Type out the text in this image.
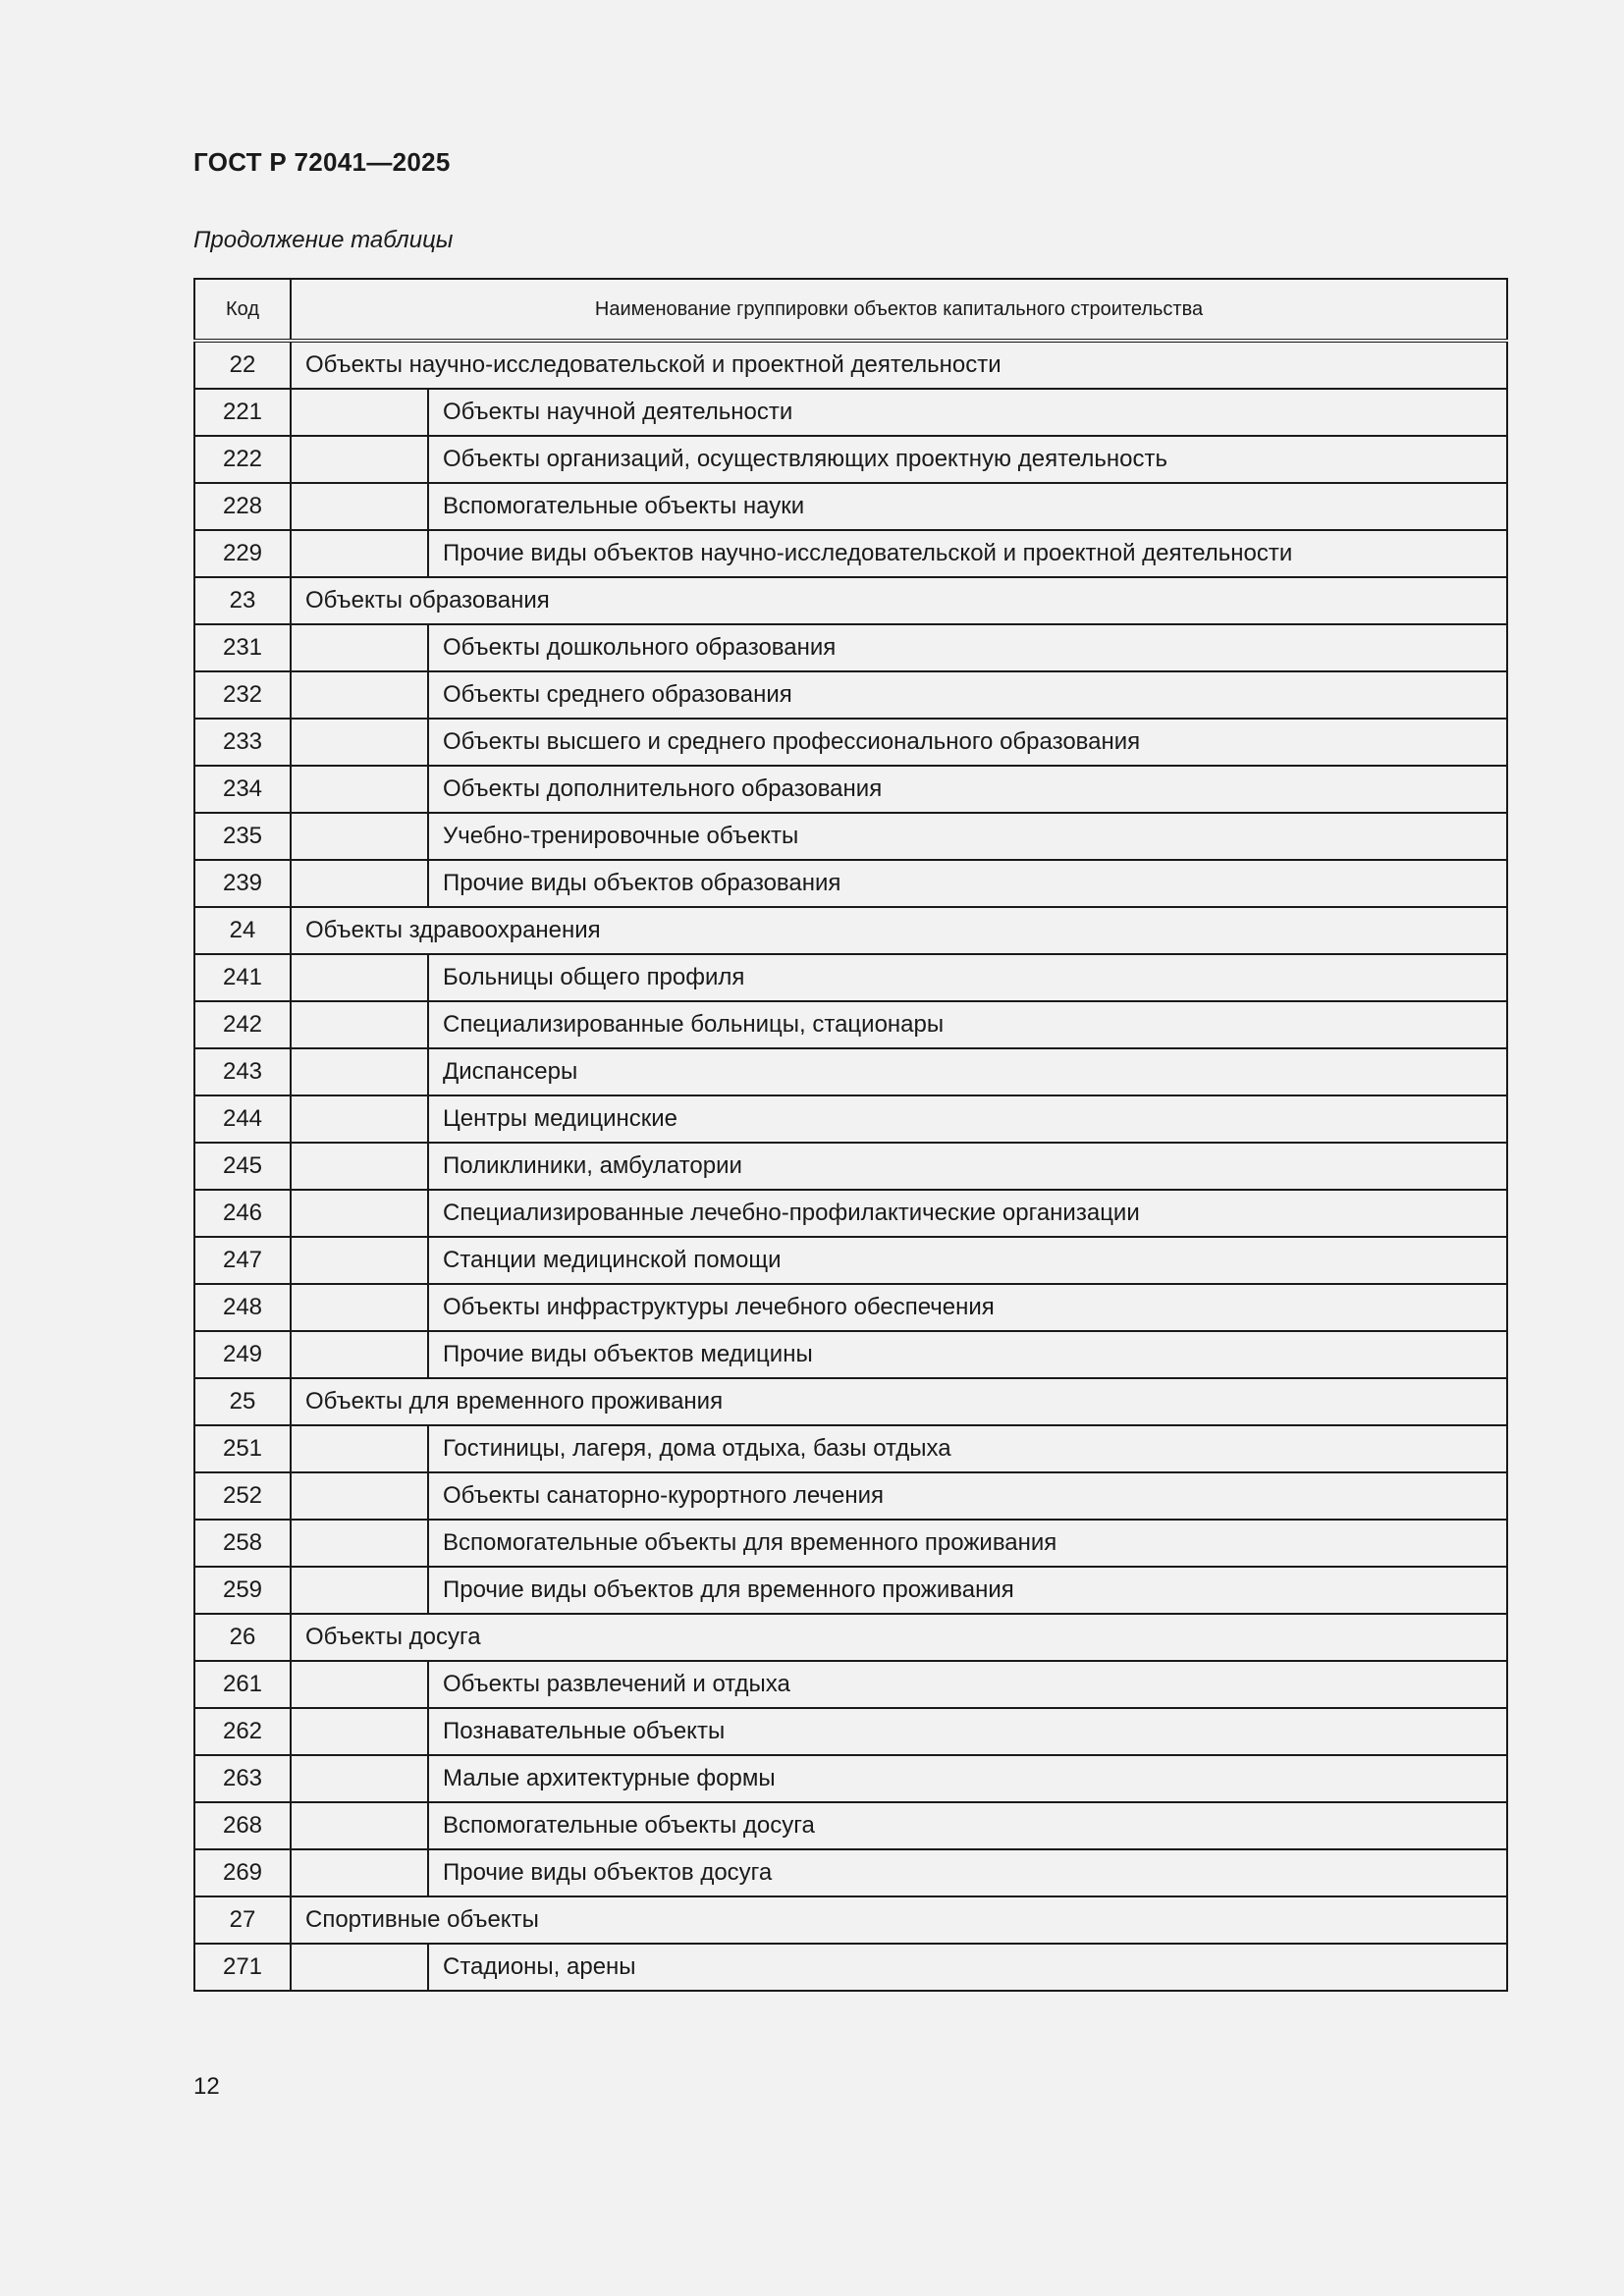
ГОСТ Р 72041—2025

Продолжение таблицы

Код	Наименование группировки объектов капитального строительства	
22	Объекты научно-исследовательской и проектной деятельности	
221		Объекты научной деятельности
222		Объекты организаций, осуществляющих проектную деятельность
228		Вспомогательные объекты науки
229		Прочие виды объектов научно-исследовательской и проектной деятельности
23	Объекты образования	
231		Объекты дошкольного образования
232		Объекты среднего образования
233		Объекты высшего и среднего профессионального образования
234		Объекты дополнительного образования
235		Учебно-тренировочные объекты
239		Прочие виды объектов образования
24	Объекты здравоохранения	
241		Больницы общего профиля
242		Специализированные больницы, стационары
243		Диспансеры
244		Центры медицинские
245		Поликлиники, амбулатории
246		Специализированные лечебно-профилактические организации
247		Станции медицинской помощи
248		Объекты инфраструктуры лечебного обеспечения
249		Прочие виды объектов медицины
25	Объекты для временного проживания	
251		Гостиницы, лагеря, дома отдыха, базы отдыха
252		Объекты санаторно-курортного лечения
258		Вспомогательные объекты для временного проживания
259		Прочие виды объектов для временного проживания
26	Объекты досуга	
261		Объекты развлечений и отдыха
262		Познавательные объекты
263		Малые архитектурные формы
268		Вспомогательные объекты досуга
269		Прочие виды объектов досуга
27	Спортивные объекты	
271		Стадионы, арены

12
